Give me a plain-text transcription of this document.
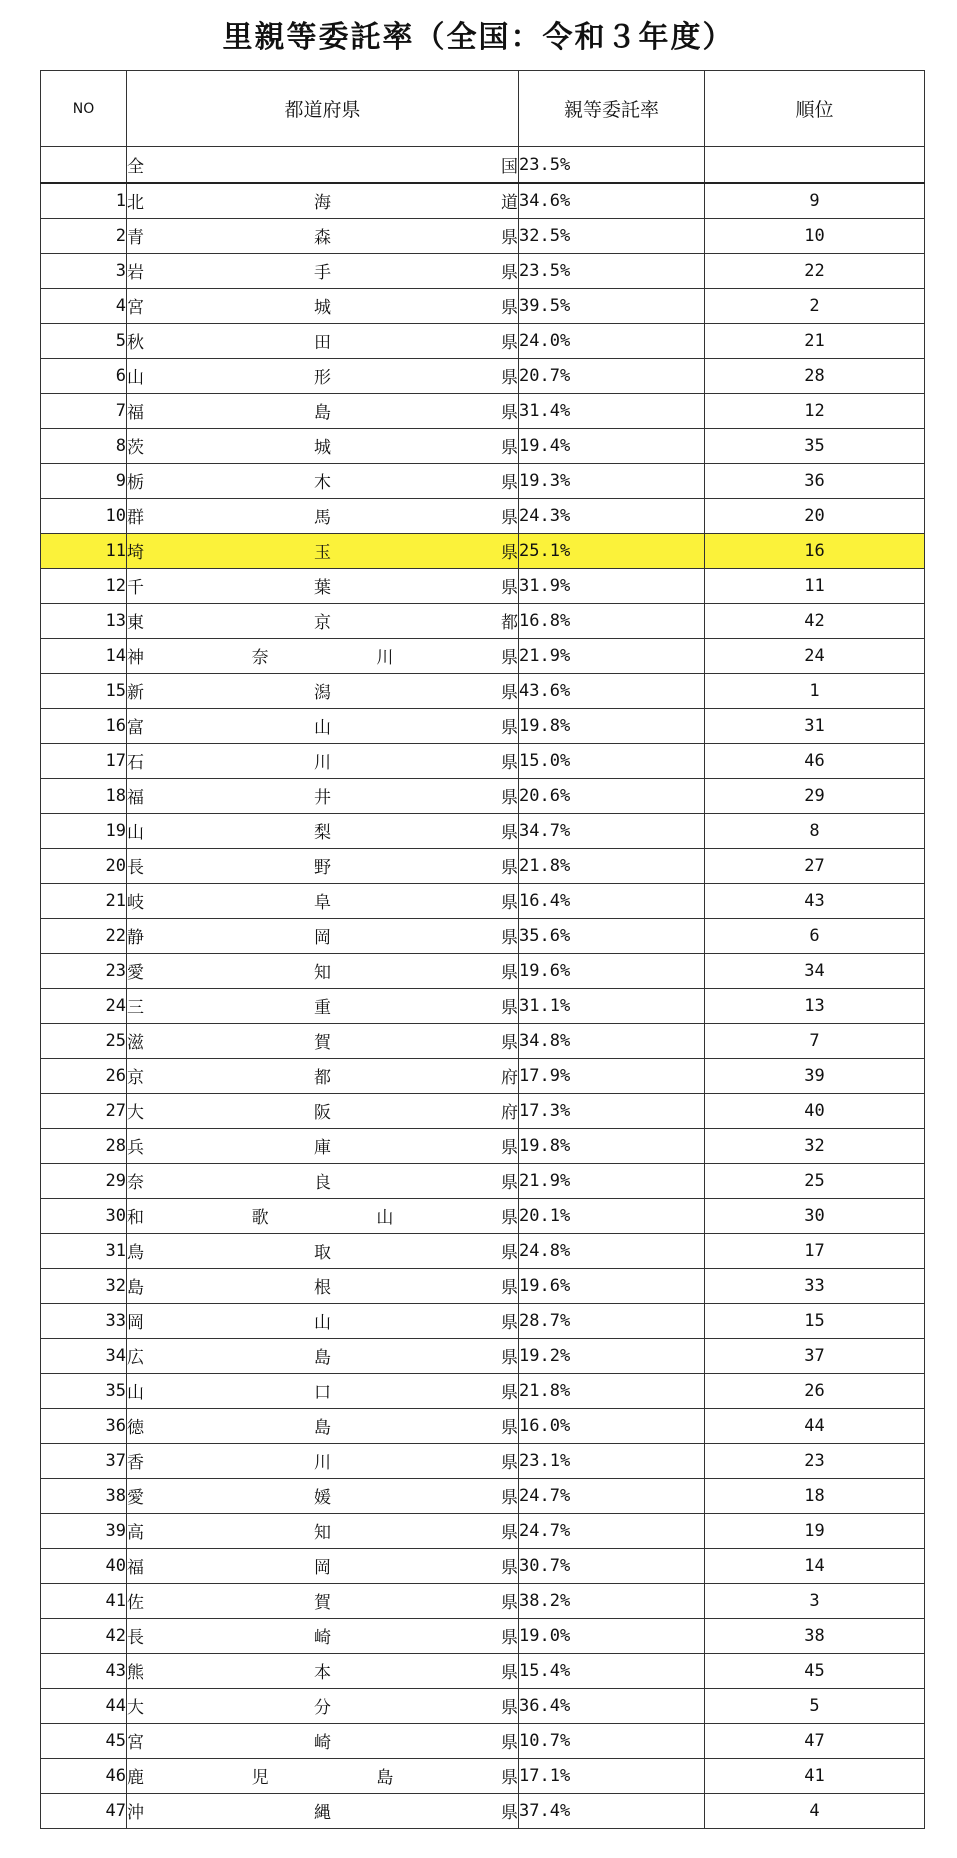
里親等委託率（全国：令和３年度）
NO	都道府県	親等委託率	順位

	全 国	23.5%	
1	北 海 道	34.6%	9
2	青 森 県	32.5%	10
3	岩 手 県	23.5%	22
4	宮 城 県	39.5%	2
5	秋 田 県	24.0%	21
6	山 形 県	20.7%	28
7	福 島 県	31.4%	12
8	茨 城 県	19.4%	35
9	栃 木 県	19.3%	36
10	群 馬 県	24.3%	20
11	埼 玉 県	25.1%	16
12	千 葉 県	31.9%	11
13	東 京 都	16.8%	42
14	神 奈 川 県	21.9%	24
15	新 潟 県	43.6%	1
16	富 山 県	19.8%	31
17	石 川 県	15.0%	46
18	福 井 県	20.6%	29
19	山 梨 県	34.7%	8
20	長 野 県	21.8%	27
21	岐 阜 県	16.4%	43
22	静 岡 県	35.6%	6
23	愛 知 県	19.6%	34
24	三 重 県	31.1%	13
25	滋 賀 県	34.8%	7
26	京 都 府	17.9%	39
27	大 阪 府	17.3%	40
28	兵 庫 県	19.8%	32
29	奈 良 県	21.9%	25
30	和 歌 山 県	20.1%	30
31	鳥 取 県	24.8%	17
32	島 根 県	19.6%	33
33	岡 山 県	28.7%	15
34	広 島 県	19.2%	37
35	山 口 県	21.8%	26
36	徳 島 県	16.0%	44
37	香 川 県	23.1%	23
38	愛 媛 県	24.7%	18
39	高 知 県	24.7%	19
40	福 岡 県	30.7%	14
41	佐 賀 県	38.2%	3
42	長 崎 県	19.0%	38
43	熊 本 県	15.4%	45
44	大 分 県	36.4%	5
45	宮 崎 県	10.7%	47
46	鹿 児 島 県	17.1%	41
47	沖 縄 県	37.4%	4
